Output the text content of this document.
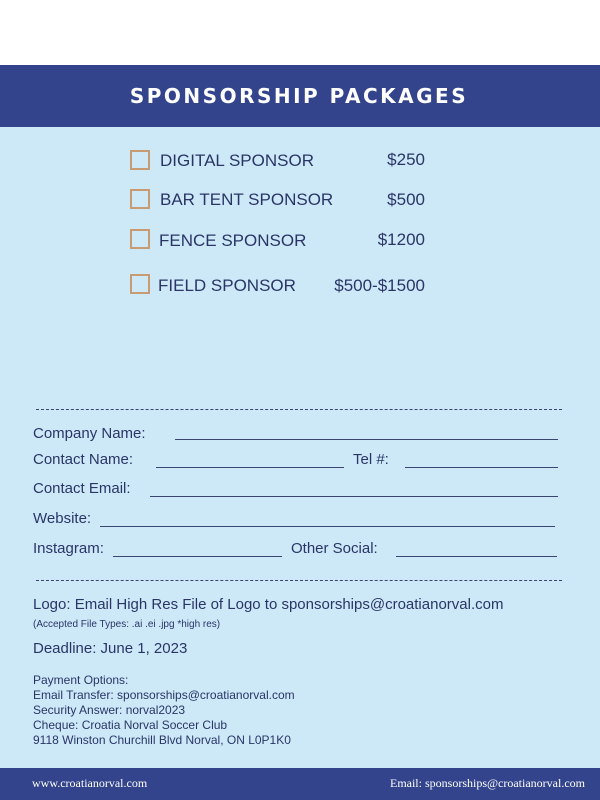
SPONSORSHIP PACKAGES
DIGITAL SPONSOR	$250
BAR TENT SPONSOR	$500
FENCE SPONSOR	$1200
FIELD SPONSOR $500-$1500
Company Name:
Contact Name:	Tel #:
Contact Email:
Website:
Instagram:	Other Social:
Logo: Email High Res File of Logo to sponsorships@croatianorval.com
(Accepted File Types: .ai .ei .jpg *high res)
Deadline: June 1, 2023
Payment Options:
Email Transfer: sponsorships@croatianorval.com
Security Answer: norval2023
Cheque: Croatia Norval Soccer Club
9118 Winston Churchill Blvd Norval, ON L0P1K0
www.croatianorval.com	Email: sponsorships@croatianorval.com
